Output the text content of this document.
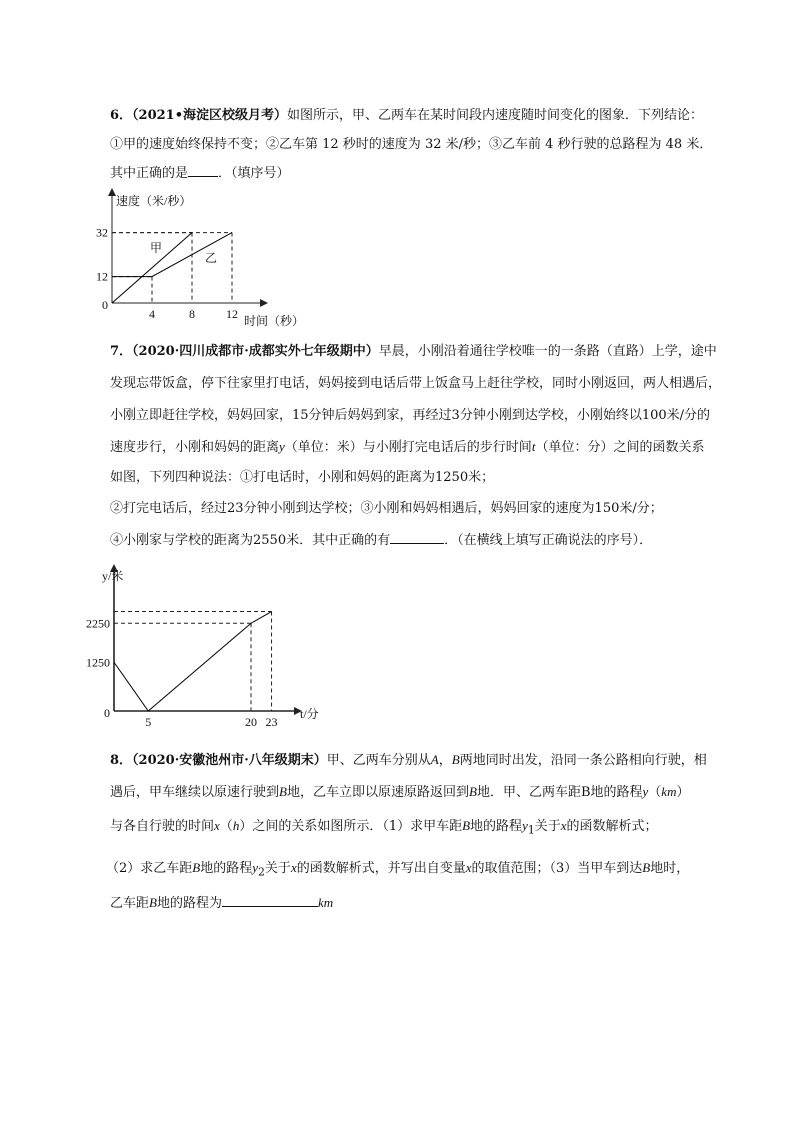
6．（2021•海淀区校级月考）如图所示，甲、乙两车在某时间段内速度随时间变化的图象．下列结论：
①甲的速度始终保持不变；②乙车第 12 秒时的速度为 32 米/秒；③乙车前 4 秒行驶的总路程为 48 米．
其中正确的是 ．（填序号）
7．（2020·四川成都市·成都实外七年级期中）早晨，小刚沿着通往学校唯一的一条路（直路）上学，途中
发现忘带饭盒，停下往家里打电话，妈妈接到电话后带上饭盒马上赶往学校，同时小刚返回，两人相遇后，
小刚立即赶往学校，妈妈回家，15分钟后妈妈到家，再经过3分钟小刚到达学校，小刚始终以100米/分的
速度步行，小刚和妈妈的距离y（单位：米）与小刚打完电话后的步行时间t（单位：分）之间的函数关系
如图，下列四种说法：①打电话时，小刚和妈妈的距离为1250米；
②打完电话后，经过23分钟小刚到达学校；③小刚和妈妈相遇后，妈妈回家的速度为150米/分；
④小刚家与学校的距离为2550米．其中正确的有	．（在横线上填写正确说法的序号）．
8．（2020·安徽池州市·八年级期末）甲、乙两车分别从A，B两地同时出发，沿同一条公路相向行驶，相
遇后，甲车继续以原速行驶到B地，乙车立即以原速原路返回到B地．甲、乙两车距B地的路程y（km）
与各自行驶的时间x（h）之间的关系如图所示．（1）求甲车距B地的路程$y_1$关于x的函数解析式；
（2）求乙车距B地的路程$y_2$关于x的函数解析式，并写出自变量x的取值范围；（3）当甲车到达B地时，
乙车距B地的路程为	km
4	8	12
12
32
0
速度（米/秒）
时间（秒）
甲
乙
5	20 23
1250
2250
0
y/米
t/分
